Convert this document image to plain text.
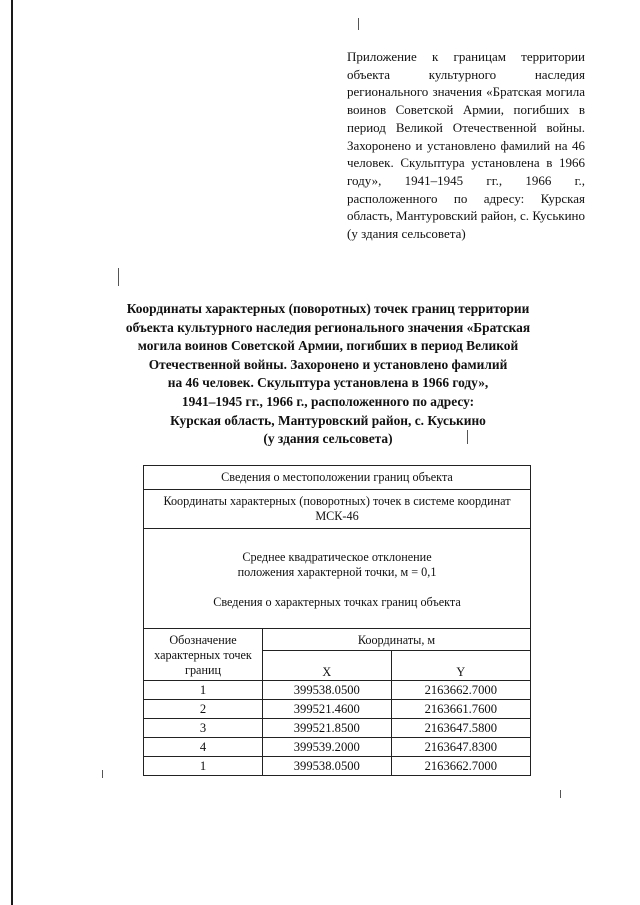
Приложение к границам территории объекта культурного наследия регионального значения «Братская могила воинов Советской Армии, погибших в период Великой Отечественной войны. Захоронено и установлено фамилий на 46 человек. Скульптура установлена в 1966 году», 1941–1945 гг., 1966 г., расположенного по адресу: Курская область, Мантуровский район, с. Куськино (у здания сельсовета)
Координаты характерных (поворотных) точек границ территории
объекта культурного наследия регионального значения «Братская
могила воинов Советской Армии, погибших в период Великой
Отечественной войны. Захоронено и установлено фамилий
на 46 человек. Скульптура установлена в 1966 году»,
1941–1945 гг., 1966 г., расположенного по адресу:
Курская область, Мантуровский район, с. Куськино
(у здания сельсовета)
Сведения о местоположении границ объекта		
Координаты характерных (поворотных) точек в системе координат МСК-46		

Среднее квадратическое отклонение
положения характерной точки, м = 0,1
Сведения о характерных точках границ объекта		

Обозначение характерных точек границ	Координаты, м	
	X	Y
1	399538.0500	2163662.7000
2	399521.4600	2163661.7600
3	399521.8500	2163647.5800
4	399539.2000	2163647.8300
1	399538.0500	2163662.7000
